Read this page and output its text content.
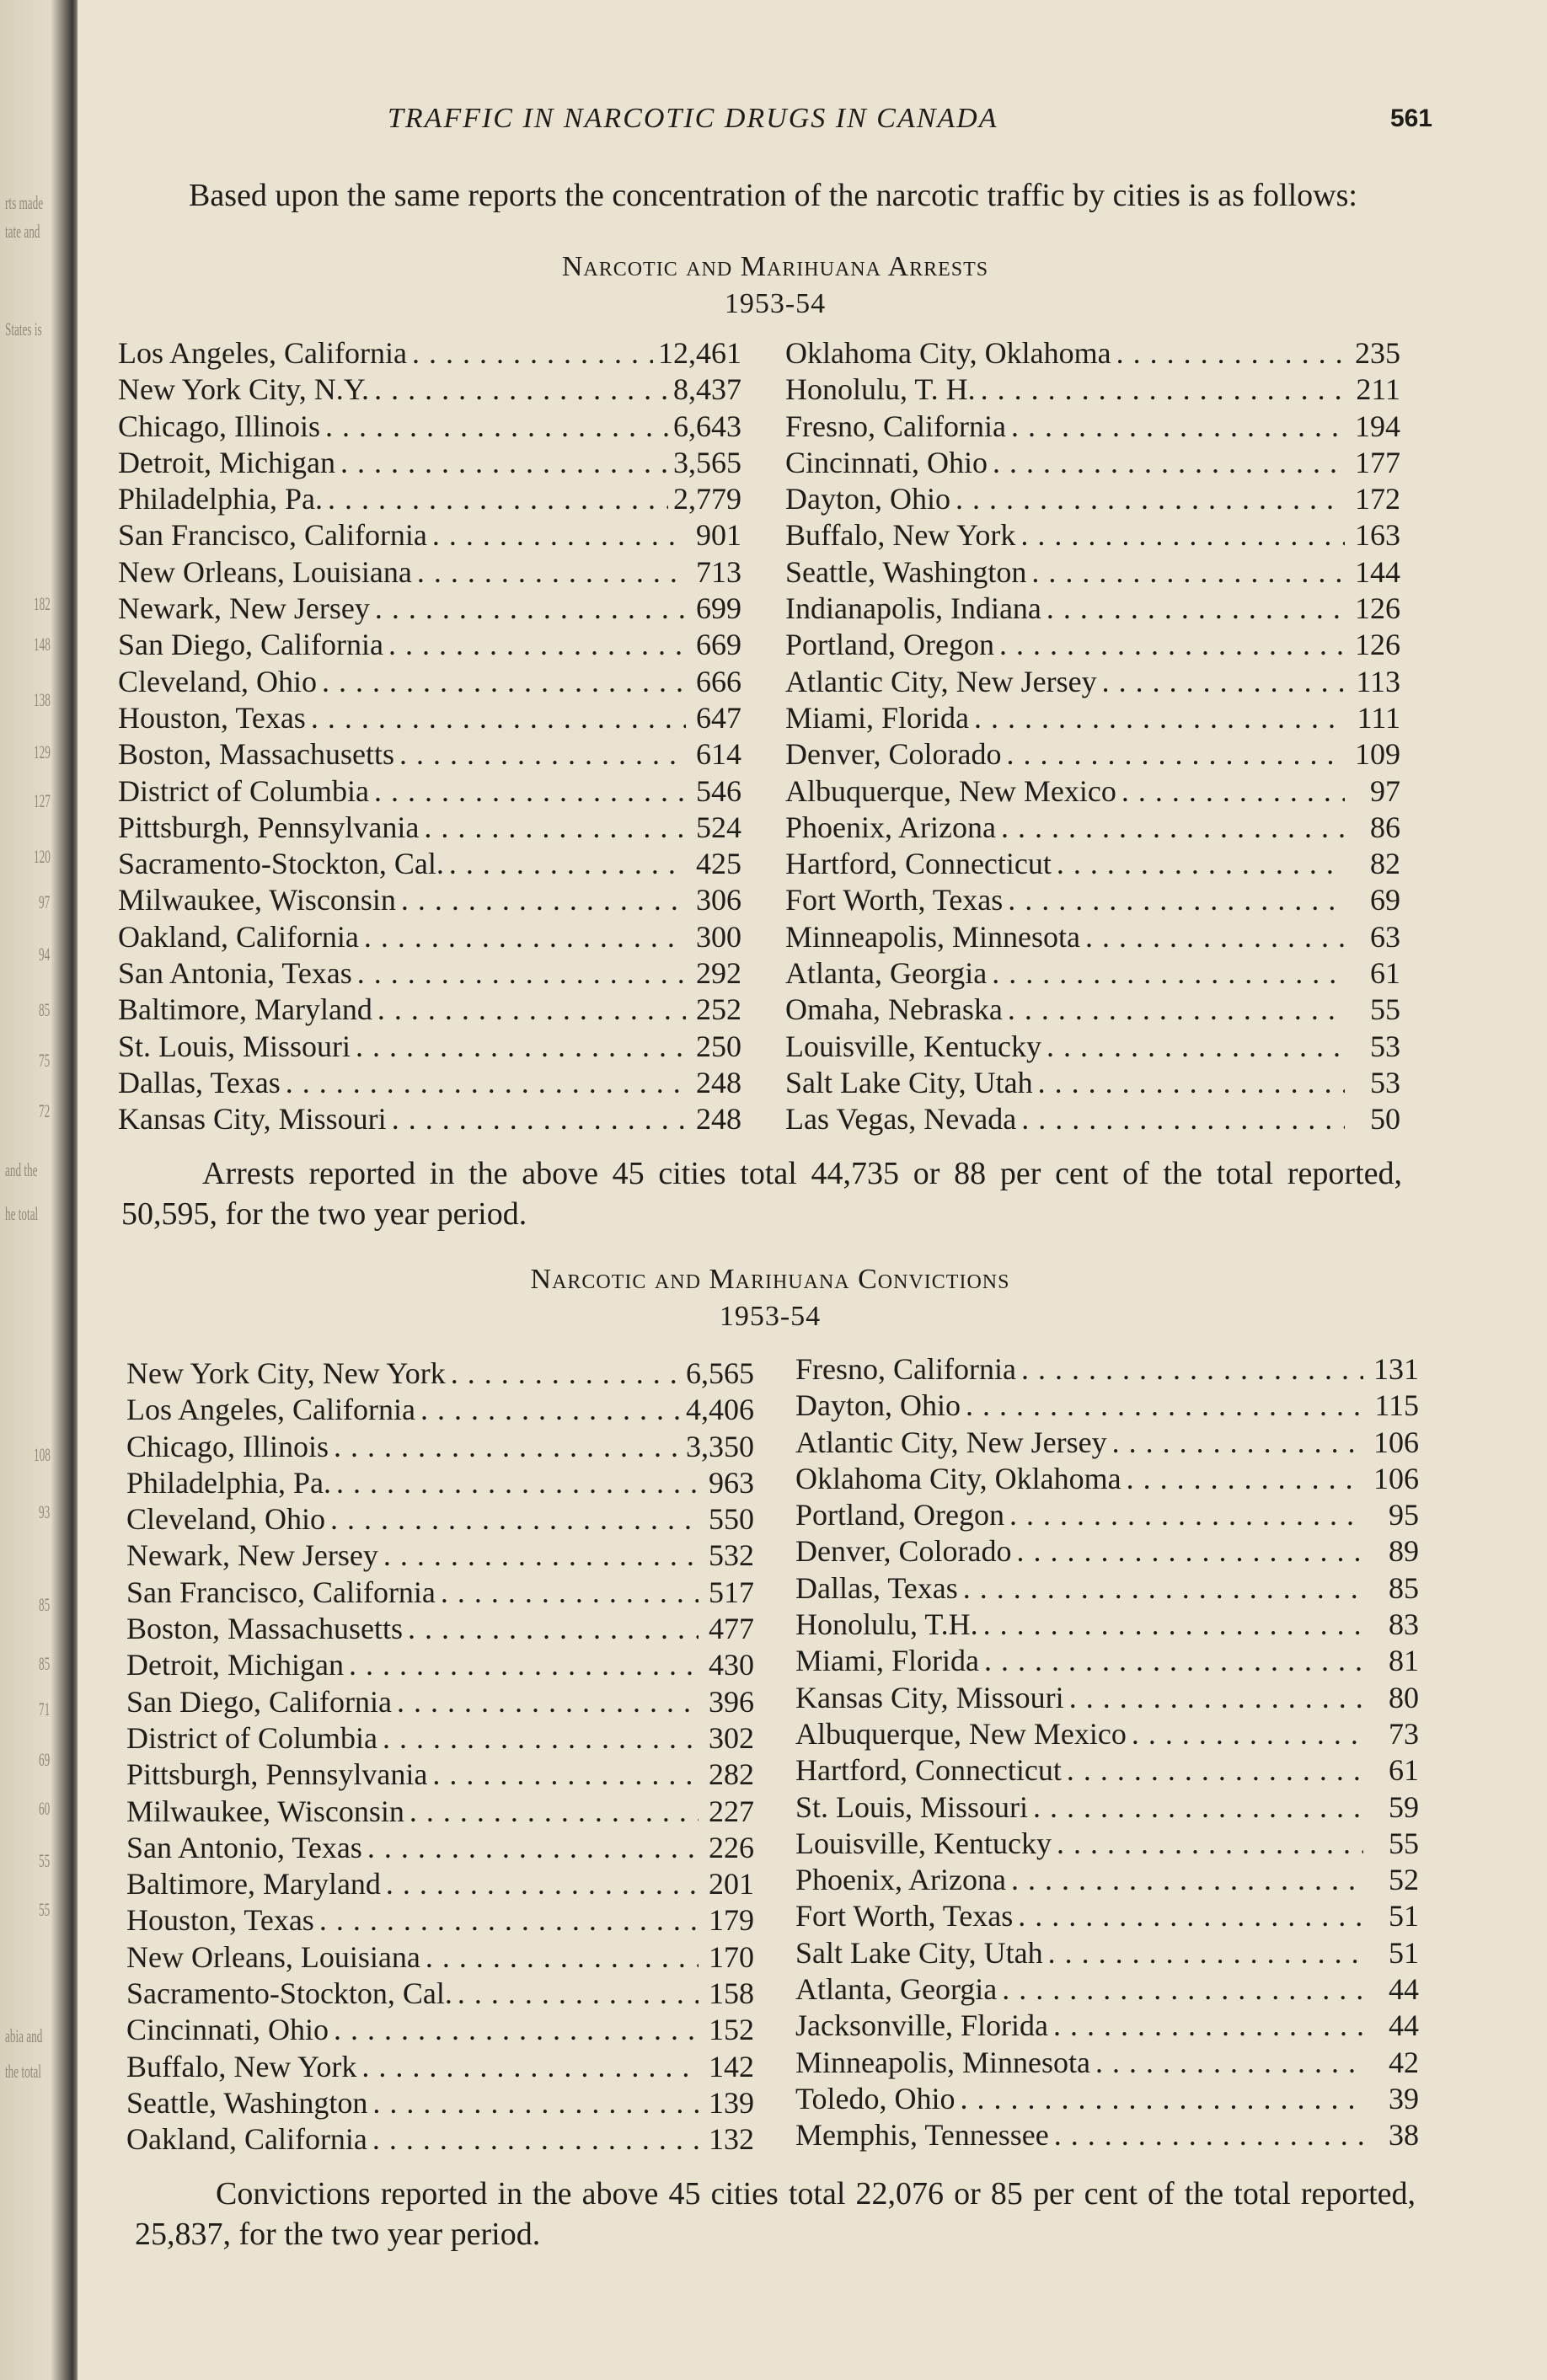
rts made
tate and
States is
182
148
138
129
127
120
97
94
85
75
72
and the
he total
108
93
85
85
71
69
60
55
55
abia and
the total
TRAFFIC IN NARCOTIC DRUGS IN CANADA	561

Based upon the same reports the concentration of the narcotic traffic by cities is as follows:

Narcotic and Marihuana Arrests
1953-54
Los Angeles, California . . .	12,461
New York City, N.Y. . . .	8,437
Chicago, Illinois . . .	6,643
Detroit, Michigan . . .	3,565
Philadelphia, Pa. . . .	2,779
San Francisco, California . . .	901
New Orleans, Louisiana . . .	713
Newark, New Jersey . . .	699
San Diego, California . . .	669
Cleveland, Ohio . . .	666
Houston, Texas . . .	647
Boston, Massachusetts . . .	614
District of Columbia . . .	546
Pittsburgh, Pennsylvania . . .	524
Sacramento-Stockton, Cal. . . .	425
Milwaukee, Wisconsin . . .	306
Oakland, California . . .	300
San Antonia, Texas . . .	292
Baltimore, Maryland . . .	252
St. Louis, Missouri . . .	250
Dallas, Texas . . .	248
Kansas City, Missouri . . .	248
Oklahoma City, Oklahoma . . .	235
Honolulu, T. H. . . .	211
Fresno, California . . .	194
Cincinnati, Ohio . . .	177
Dayton, Ohio . . .	172
Buffalo, New York . . .	163
Seattle, Washington . . .	144
Indianapolis, Indiana . . .	126
Portland, Oregon . . .	126
Atlantic City, New Jersey . . .	113
Miami, Florida . . .	111
Denver, Colorado . . .	109
Albuquerque, New Mexico . . .	97
Phoenix, Arizona . . .	86
Hartford, Connecticut . . .	82
Fort Worth, Texas . . .	69
Minneapolis, Minnesota . . .	63
Atlanta, Georgia . . .	61
Omaha, Nebraska . . .	55
Louisville, Kentucky . . .	53
Salt Lake City, Utah . . .	53
Las Vegas, Nevada . . .	50

Arrests reported in the above 45 cities total 44,735 or 88 per cent of the total reported, 50,595, for the two year period.

Narcotic and Marihuana Convictions
1953-54
New York City, New York . . .	6,565
Los Angeles, California . . .	4,406
Chicago, Illinois . . .	3,350
Philadelphia, Pa. . . .	963
Cleveland, Ohio . . .	550
Newark, New Jersey . . .	532
San Francisco, California . . .	517
Boston, Massachusetts . . .	477
Detroit, Michigan . . .	430
San Diego, California . . .	396
District of Columbia . . .	302
Pittsburgh, Pennsylvania . . .	282
Milwaukee, Wisconsin . . .	227
San Antonio, Texas . . .	226
Baltimore, Maryland . . .	201
Houston, Texas . . .	179
New Orleans, Louisiana . . .	170
Sacramento-Stockton, Cal. . . .	158
Cincinnati, Ohio . . .	152
Buffalo, New York . . .	142
Seattle, Washington . . .	139
Oakland, California . . .	132
Fresno, California . . .	131
Dayton, Ohio . . .	115
Atlantic City, New Jersey . . .	106
Oklahoma City, Oklahoma . . .	106
Portland, Oregon . . .	95
Denver, Colorado . . .	89
Dallas, Texas . . .	85
Honolulu, T.H. . . .	83
Miami, Florida . . .	81
Kansas City, Missouri . . .	80
Albuquerque, New Mexico . . .	73
Hartford, Connecticut . . .	61
St. Louis, Missouri . . .	59
Louisville, Kentucky . . .	55
Phoenix, Arizona . . .	52
Fort Worth, Texas . . .	51
Salt Lake City, Utah . . .	51
Atlanta, Georgia . . .	44
Jacksonville, Florida . . .	44
Minneapolis, Minnesota . . .	42
Toledo, Ohio . . .	39
Memphis, Tennessee . . .	38

Convictions reported in the above 45 cities total 22,076 or 85 per cent of the total reported, 25,837, for the two year period.
